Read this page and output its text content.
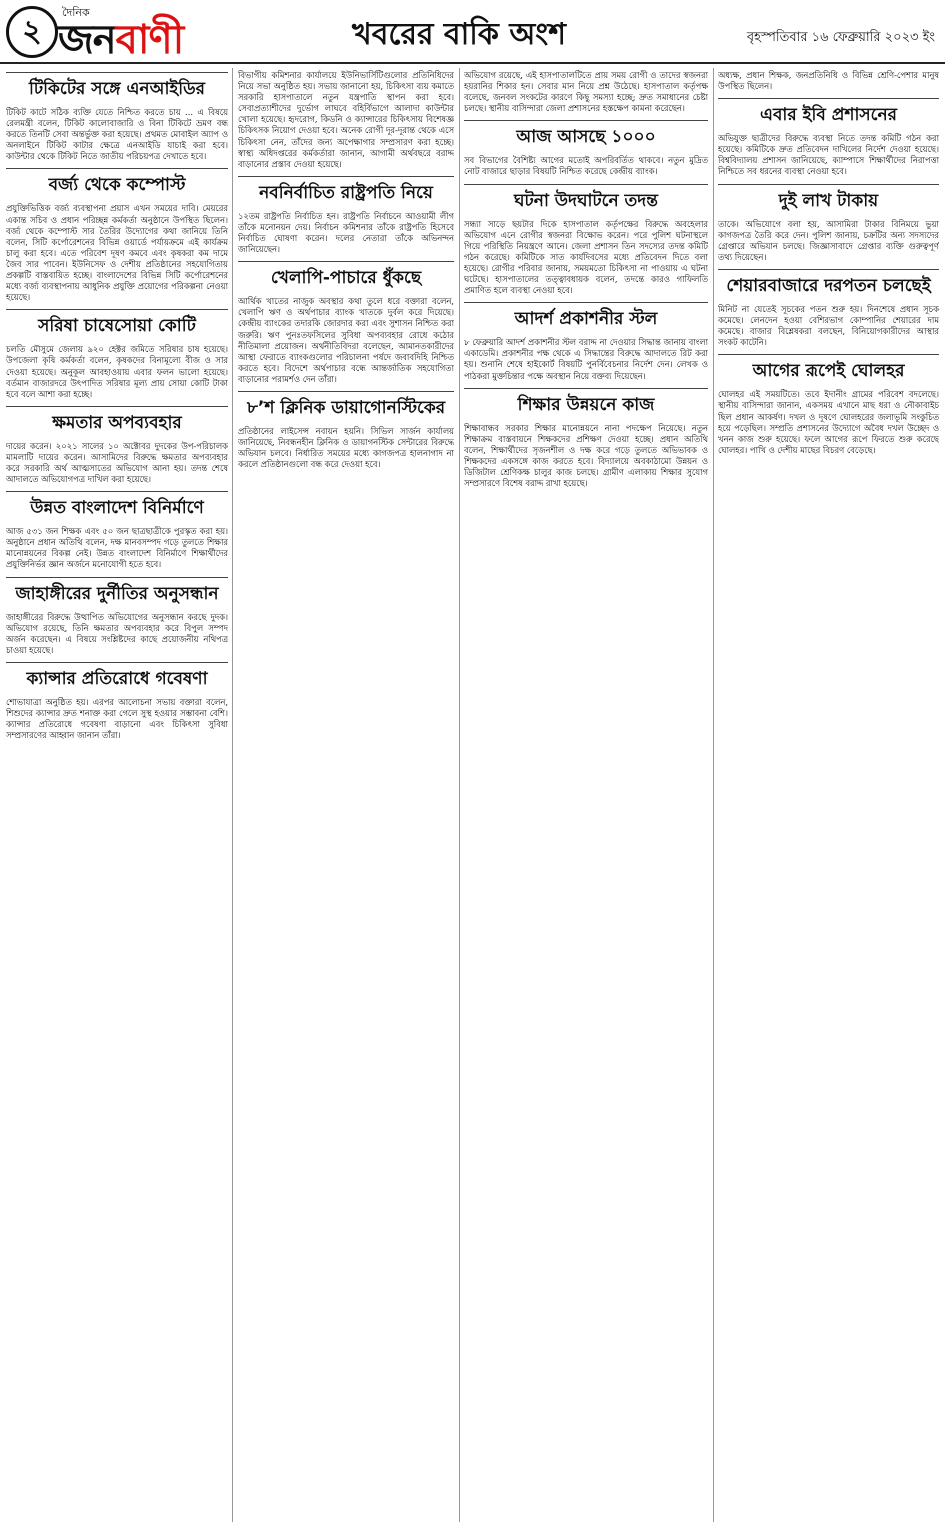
২
দৈনিক
জনবাণী	খবরের বাকি অংশ	বৃহস্পতিবার ১৬ ফেব্রুয়ারি ২০২৩ ইং
টিকিটের সঙ্গে এনআইডির

টিকিট কাটে সঠিক ব্যক্তি যেতে নিশ্চিত করতে চায় ... এ বিষয়ে রেলমন্ত্রী বলেন, টিকিট কালোবাজারি ও বিনা টিকিটে ভ্রমণ বন্ধ করতে তিনটি সেবা অন্তর্ভুক্ত করা হয়েছে। প্রথমত মোবাইল অ্যাপ ও অনলাইনে টিকিট কাটার ক্ষেত্রে এনআইডি যাচাই করা হবে। কাউন্টার থেকে টিকিট নিতে জাতীয় পরিচয়পত্র দেখাতে হবে।

বর্জ্য থেকে কম্পোস্ট

প্রযুক্তিভিত্তিক বর্জ্য ব্যবস্থাপনা প্রয়াস এখন সময়ের দাবি। মেয়রের একান্ত সচিব ও প্রধান পরিচ্ছন্ন কর্মকর্তা অনুষ্ঠানে উপস্থিত ছিলেন। বর্জ্য থেকে কম্পোস্ট সার তৈরির উদ্যোগের কথা জানিয়ে তিনি বলেন, সিটি কর্পোরেশনের বিভিন্ন ওয়ার্ডে পর্যায়ক্রমে এই কার্যক্রম চালু করা হবে। এতে পরিবেশ দূষণ কমবে এবং কৃষকরা কম দামে জৈব সার পাবেন। ইউনিসেফ ও দেশীয় প্রতিষ্ঠানের সহযোগিতায় প্রকল্পটি বাস্তবায়িত হচ্ছে। বাংলাদেশের বিভিন্ন সিটি কর্পোরেশনের মধ্যে বর্জ্য ব্যবস্থাপনায় আধুনিক প্রযুক্তি প্রয়োগের পরিকল্পনা নেওয়া হয়েছে।

সরিষা চাষেসোয়া কোটি

চলতি মৌসুমে জেলায় ৯২০ হেক্টর জমিতে সরিষার চাষ হয়েছে। উপজেলা কৃষি কর্মকর্তা বলেন, কৃষকদের বিনামূল্যে বীজ ও সার দেওয়া হয়েছে। অনুকূল আবহাওয়ায় এবার ফলন ভালো হয়েছে। বর্তমান বাজারদরে উৎপাদিত সরিষার মূল্য প্রায় সোয়া কোটি টাকা হবে বলে আশা করা হচ্ছে।

ক্ষমতার অপব্যবহার

দায়ের করেন। ২০২১ সালের ১০ অক্টোবর দুদকের উপ-পরিচালক মামলাটি দায়ের করেন। আসামিদের বিরুদ্ধে ক্ষমতার অপব্যবহার করে সরকারি অর্থ আত্মসাতের অভিযোগ আনা হয়। তদন্ত শেষে আদালতে অভিযোগপত্র দাখিল করা হয়েছে।

উন্নত বাংলাদেশ বিনির্মাণে

আজ ৫৩১ জন শিক্ষক এবং ৫০ জন ছাত্রছাত্রীকে পুরস্কৃত করা হয়। অনুষ্ঠানে প্রধান অতিথি বলেন, দক্ষ মানবসম্পদ গড়ে তুলতে শিক্ষার মানোন্নয়নের বিকল্প নেই। উন্নত বাংলাদেশ বিনির্মাণে শিক্ষার্থীদের প্রযুক্তিনির্ভর জ্ঞান অর্জনে মনোযোগী হতে হবে।

জাহাঙ্গীরের দুর্নীতির অনুসন্ধান

জাহাঙ্গীরের বিরুদ্ধে উত্থাপিত অভিযোগের অনুসন্ধান করছে দুদক। অভিযোগ রয়েছে, তিনি ক্ষমতার অপব্যবহার করে বিপুল সম্পদ অর্জন করেছেন। এ বিষয়ে সংশ্লিষ্টদের কাছে প্রয়োজনীয় নথিপত্র চাওয়া হয়েছে।

ক্যান্সার প্রতিরোধে গবেষণা

শোভাযাত্রা অনুষ্ঠিত হয়। এরপর আলোচনা সভায় বক্তারা বলেন, শিশুদের ক্যান্সার দ্রুত শনাক্ত করা গেলে সুস্থ হওয়ার সম্ভাবনা বেশি। ক্যান্সার প্রতিরোধে গবেষণা বাড়ানো এবং চিকিৎসা সুবিধা সম্প্রসারণের আহ্বান জানান তাঁরা।

বিভাগীয় কমিশনার কার্যালয়ে ইউনিভার্সিটিগুলোর প্রতিনিধিদের নিয়ে সভা অনুষ্ঠিত হয়। সভায় জানানো হয়, চিকিৎসা ব্যয় কমাতে সরকারি হাসপাতালে নতুন যন্ত্রপাতি স্থাপন করা হবে। সেবাপ্রত্যাশীদের দুর্ভোগ লাঘবে বহির্বিভাগে আলাদা কাউন্টার খোলা হয়েছে। হৃদরোগ, কিডনি ও ক্যান্সারের চিকিৎসায় বিশেষজ্ঞ চিকিৎসক নিয়োগ দেওয়া হবে। অনেক রোগী দূর-দূরান্ত থেকে এসে চিকিৎসা নেন, তাঁদের জন্য অপেক্ষাগার সম্প্রসারণ করা হচ্ছে। স্বাস্থ্য অধিদপ্তরের কর্মকর্তারা জানান, আগামী অর্থবছরে বরাদ্দ বাড়ানোর প্রস্তাব দেওয়া হয়েছে।

নবনির্বাচিত রাষ্ট্রপতি নিয়ে

১২তম রাষ্ট্রপতি নির্বাচিত হন। রাষ্ট্রপতি নির্বাচনে আওয়ামী লীগ তাঁকে মনোনয়ন দেয়। নির্বাচন কমিশনার তাঁকে রাষ্ট্রপতি হিসেবে নির্বাচিত ঘোষণা করেন। দলের নেতারা তাঁকে অভিনন্দন জানিয়েছেন।

খেলাপি-পাচারে ধুঁকছে

আর্থিক খাতের নাজুক অবস্থার কথা তুলে ধরে বক্তারা বলেন, খেলাপি ঋণ ও অর্থপাচার ব্যাংক খাতকে দুর্বল করে দিয়েছে। কেন্দ্রীয় ব্যাংকের তদারকি জোরদার করা এবং সুশাসন নিশ্চিত করা জরুরি। ঋণ পুনঃতফসিলের সুবিধা অপব্যবহার রোধে কঠোর নীতিমালা প্রয়োজন। অর্থনীতিবিদরা বলেছেন, আমানতকারীদের আস্থা ফেরাতে ব্যাংকগুলোর পরিচালনা পর্ষদে জবাবদিহি নিশ্চিত করতে হবে। বিদেশে অর্থপাচার বন্ধে আন্তর্জাতিক সহযোগিতা বাড়ানোর পরামর্শও দেন তাঁরা।

৮’শ ক্লিনিক ডায়াগোনস্টিকের

প্রতিষ্ঠানের লাইসেন্স নবায়ন হয়নি। সিভিল সার্জন কার্যালয় জানিয়েছে, নিবন্ধনহীন ক্লিনিক ও ডায়াগনস্টিক সেন্টারের বিরুদ্ধে অভিযান চলবে। নির্ধারিত সময়ের মধ্যে কাগজপত্র হালনাগাদ না করলে প্রতিষ্ঠানগুলো বন্ধ করে দেওয়া হবে।

অভিযোগ রয়েছে, এই হাসপাতালটিতে প্রায় সময় রোগী ও তাদের স্বজনরা হয়রানির শিকার হন। সেবার মান নিয়ে প্রশ্ন উঠেছে। হাসপাতাল কর্তৃপক্ষ বলেছে, জনবল সংকটের কারণে কিছু সমস্যা হচ্ছে; দ্রুত সমাধানের চেষ্টা চলছে। স্থানীয় বাসিন্দারা জেলা প্রশাসনের হস্তক্ষেপ কামনা করেছেন।

আজ আসছে ১০০০

সব বিভাগের বৈশিষ্ট্য আগের মতোই অপরিবর্তিত থাকবে। নতুন মুদ্রিত নোট বাজারে ছাড়ার বিষয়টি নিশ্চিত করেছে কেন্দ্রীয় ব্যাংক।

ঘটনা উদঘাটনে তদন্ত

সন্ধ্যা সাড়ে ছয়টার দিকে হাসপাতাল কর্তৃপক্ষের বিরুদ্ধে অবহেলার অভিযোগ এনে রোগীর স্বজনরা বিক্ষোভ করেন। পরে পুলিশ ঘটনাস্থলে গিয়ে পরিস্থিতি নিয়ন্ত্রণে আনে। জেলা প্রশাসন তিন সদস্যের তদন্ত কমিটি গঠন করেছে। কমিটিকে সাত কার্যদিবসের মধ্যে প্রতিবেদন দিতে বলা হয়েছে। রোগীর পরিবার জানায়, সময়মতো চিকিৎসা না পাওয়ায় এ ঘটনা ঘটেছে। হাসপাতালের তত্ত্বাবধায়ক বলেন, তদন্তে কারও গাফিলতি প্রমাণিত হলে ব্যবস্থা নেওয়া হবে।

আদর্শ প্রকাশনীর স্টল

৮ ফেব্রুয়ারি আদর্শ প্রকাশনীর স্টল বরাদ্দ না দেওয়ার সিদ্ধান্ত জানায় বাংলা একাডেমি। প্রকাশনীর পক্ষ থেকে এ সিদ্ধান্তের বিরুদ্ধে আদালতে রিট করা হয়। শুনানি শেষে হাইকোর্ট বিষয়টি পুনর্বিবেচনার নির্দেশ দেন। লেখক ও পাঠকরা মুক্তচিন্তার পক্ষে অবস্থান নিয়ে বক্তব্য দিয়েছেন।

শিক্ষার উন্নয়নে কাজ

শিক্ষাবান্ধব সরকার শিক্ষার মানোন্নয়নে নানা পদক্ষেপ নিয়েছে। নতুন শিক্ষাক্রম বাস্তবায়নে শিক্ষকদের প্রশিক্ষণ দেওয়া হচ্ছে। প্রধান অতিথি বলেন, শিক্ষার্থীদের সৃজনশীল ও দক্ষ করে গড়ে তুলতে অভিভাবক ও শিক্ষকদের একসঙ্গে কাজ করতে হবে। বিদ্যালয়ে অবকাঠামো উন্নয়ন ও ডিজিটাল শ্রেণিকক্ষ চালুর কাজ চলছে। গ্রামীণ এলাকায় শিক্ষার সুযোগ সম্প্রসারণে বিশেষ বরাদ্দ রাখা হয়েছে।

অধ্যক্ষ, প্রধান শিক্ষক, জনপ্রতিনিধি ও বিভিন্ন শ্রেণি-পেশার মানুষ উপস্থিত ছিলেন।

এবার ইবি প্রশাসনের

অভিযুক্ত ছাত্রীদের বিরুদ্ধে ব্যবস্থা নিতে তদন্ত কমিটি গঠন করা হয়েছে। কমিটিকে দ্রুত প্রতিবেদন দাখিলের নির্দেশ দেওয়া হয়েছে। বিশ্ববিদ্যালয় প্রশাসন জানিয়েছে, ক্যাম্পাসে শিক্ষার্থীদের নিরাপত্তা নিশ্চিতে সব ধরনের ব্যবস্থা নেওয়া হবে।

দুই লাখ টাকায়

তাকে। অভিযোগে বলা হয়, আসামিরা টাকার বিনিময়ে ভুয়া কাগজপত্র তৈরি করে দেন। পুলিশ জানায়, চক্রটির অন্য সদস্যদের গ্রেপ্তারে অভিযান চলছে। জিজ্ঞাসাবাদে গ্রেপ্তার ব্যক্তি গুরুত্বপূর্ণ তথ্য দিয়েছেন।

শেয়ারবাজারে দরপতন চলছেই

মিনিট না যেতেই সূচকের পতন শুরু হয়। দিনশেষে প্রধান সূচক কমেছে। লেনদেন হওয়া বেশিরভাগ কোম্পানির শেয়ারের দাম কমেছে। বাজার বিশ্লেষকরা বলছেন, বিনিয়োগকারীদের আস্থার সংকট কাটেনি।

আগের রূপেই ঘোলহর

ঘোলহর এই সময়টিতে। তবে ইদানীং গ্রামের পরিবেশ বদলেছে। স্থানীয় বাসিন্দারা জানান, একসময় এখানে মাছ ধরা ও নৌকাবাইচ ছিল প্রধান আকর্ষণ। দখল ও দূষণে ঘোলহরের জলাভূমি সংকুচিত হয়ে পড়েছিল। সম্প্রতি প্রশাসনের উদ্যোগে অবৈধ দখল উচ্ছেদ ও খনন কাজ শুরু হয়েছে। ফলে আগের রূপে ফিরতে শুরু করেছে ঘোলহর। পাখি ও দেশীয় মাছের বিচরণ বেড়েছে।
